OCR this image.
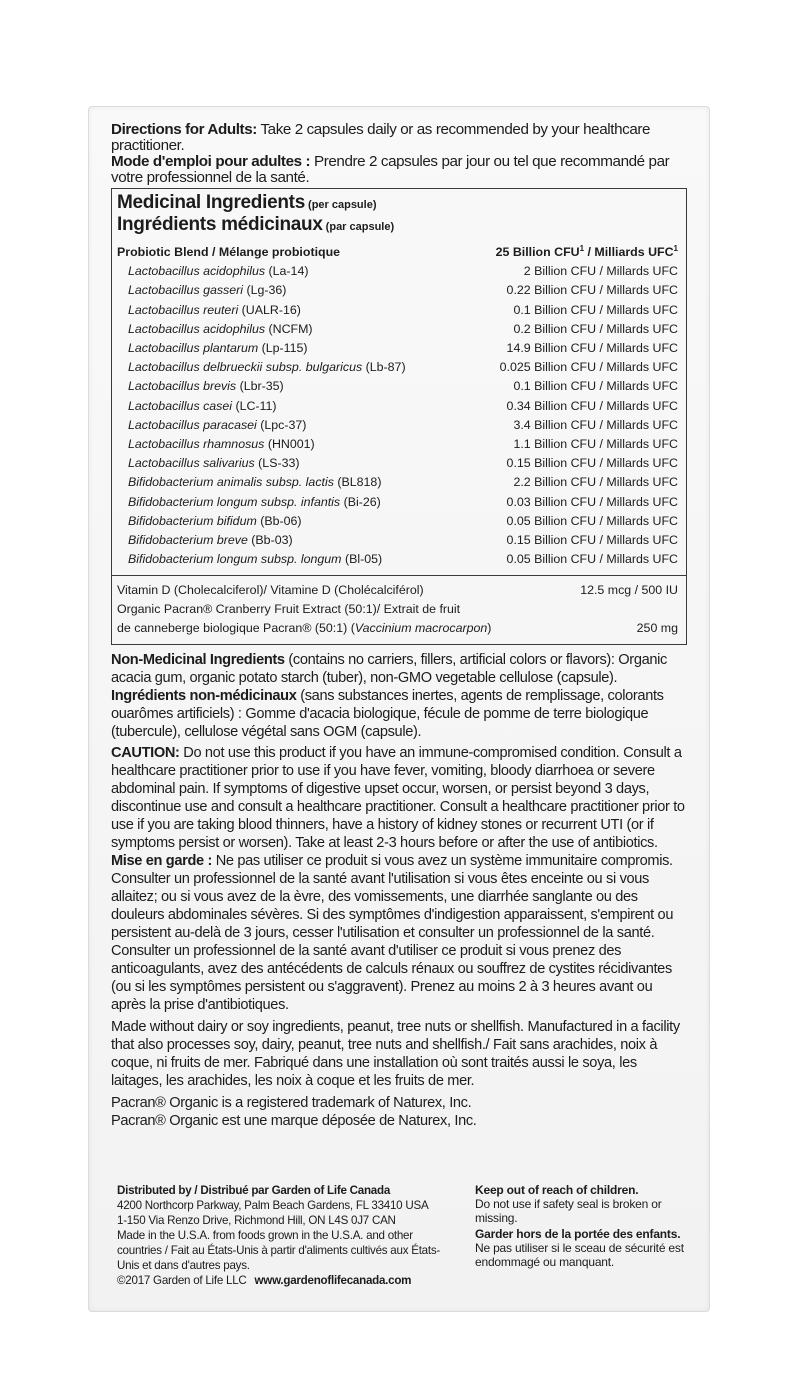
Directions for Adults: Take 2 capsules daily or as recommended by your healthcare practitioner.

Mode d'emploi pour adultes : Prendre 2 capsules par jour ou tel que recommandé par votre professionnel de la santé.

Medicinal Ingredients (per capsule)
Ingrédients médicinaux (par capsule)
Probiotic Blend / Mélange probiotique	25 Billion CFU$^1$ / Milliards UFC$^1$
Lactobacillus acidophilus (La-14)	2 Billion CFU / Millards UFC
Lactobacillus gasseri (Lg-36)	0.22 Billion CFU / Millards UFC
Lactobacillus reuteri (UALR-16)	0.1 Billion CFU / Millards UFC
Lactobacillus acidophilus (NCFM)	0.2 Billion CFU / Millards UFC
Lactobacillus plantarum (Lp-115)	14.9 Billion CFU / Millards UFC
Lactobacillus delbrueckii subsp. bulgaricus (Lb-87)	0.025 Billion CFU / Millards UFC
Lactobacillus brevis (Lbr-35)	0.1 Billion CFU / Millards UFC
Lactobacillus casei (LC-11)	0.34 Billion CFU / Millards UFC
Lactobacillus paracasei (Lpc-37)	3.4 Billion CFU / Millards UFC
Lactobacillus rhamnosus (HN001)	1.1 Billion CFU / Millards UFC
Lactobacillus salivarius (LS-33)	0.15 Billion CFU / Millards UFC
Bifidobacterium animalis subsp. lactis (BL818)	2.2 Billion CFU / Millards UFC
Bifidobacterium longum subsp. infantis (Bi-26)	0.03 Billion CFU / Millards UFC
Bifidobacterium bifidum (Bb-06)	0.05 Billion CFU / Millards UFC
Bifidobacterium breve (Bb-03)	0.15 Billion CFU / Millards UFC
Bifidobacterium longum subsp. longum (Bl-05)	0.05 Billion CFU / Millards UFC
Vitamin D (Cholecalciferol)/ Vitamine D (Cholécalciférol)	12.5 mcg / 500 IU
Organic Pacran® Cranberry Fruit Extract (50:1)/ Extrait de fruit
de canneberge biologique Pacran® (50:1) (Vaccinium macrocarpon)	250 mg
Non-Medicinal Ingredients (contains no carriers, fillers, artificial colors or flavors): Organic acacia gum, organic potato starch (tuber), non-GMO vegetable cellulose (capsule).
Ingrédients non-médicinaux (sans substances inertes, agents de remplissage, colorants ouarômes artificiels) : Gomme d'acacia biologique, fécule de pomme de terre biologique (tubercule), cellulose végétal sans OGM (capsule).
CAUTION: Do not use this product if you have an immune-compromised condition. Consult a healthcare practitioner prior to use if you have fever, vomiting, bloody diarrhoea or severe abdominal pain. If symptoms of digestive upset occur, worsen, or persist beyond 3 days, discontinue use and consult a healthcare practitioner. Consult a healthcare practitioner prior to use if you are taking blood thinners, have a history of kidney stones or recurrent UTI (or if symptoms persist or worsen). Take at least 2-3 hours before or after the use of antibiotics.
Mise en garde : Ne pas utiliser ce produit si vous avez un système immunitaire compromis. Consulter un professionnel de la santé avant l'utilisation si vous êtes enceinte ou si vous allaitez; ou si vous avez de la èvre, des vomissements, une diarrhée sanglante ou des douleurs abdominales sévères. Si des symptômes d'indigestion apparaissent, s'empirent ou persistent au-delà de 3 jours, cesser l'utilisation et consulter un professionnel de la santé. Consulter un professionnel de la santé avant d'utiliser ce produit si vous prenez des anticoagulants, avez des antécédents de calculs rénaux ou souffrez de cystites récidivantes (ou si les symptômes persistent ou s'aggravent). Prenez au moins 2 à 3 heures avant ou après la prise d'antibiotiques.
Made without dairy or soy ingredients, peanut, tree nuts or shellfish. Manufactured in a facility that also processes soy, dairy, peanut, tree nuts and shellfish./ Fait sans arachides, noix à coque, ni fruits de mer. Fabriqué dans une installation où sont traités aussi le soya, les laitages, les arachides, les noix à coque et les fruits de mer.
Pacran® Organic is a registered trademark of Naturex, Inc.
Pacran® Organic est une marque déposée de Naturex, Inc.
Distributed by / Distribué par Garden of Life Canada
4200 Northcorp Parkway, Palm Beach Gardens, FL 33410 USA
1-150 Via Renzo Drive, Richmond Hill, ON L4S 0J7 CAN
Made in the U.S.A. from foods grown in the U.S.A. and other countries / Fait au États-Unis à partir d'aliments cultivés aux États-Unis et dans d'autres pays.
©2017 Garden of Life LLC www.gardenoflifecanada.com
Keep out of reach of children.
Do not use if safety seal is broken or missing.
Garder hors de la portée des enfants. Ne pas utiliser si le sceau de sécurité est endommagé ou manquant.
